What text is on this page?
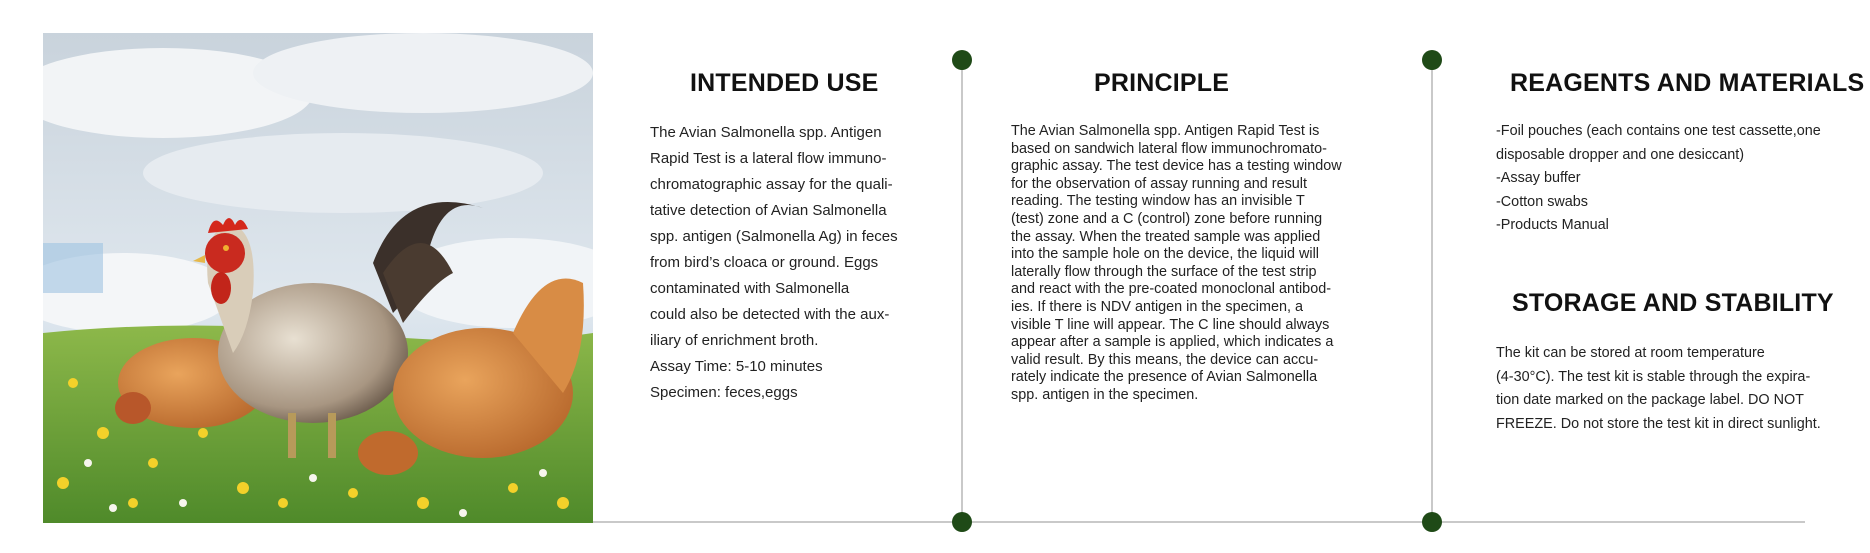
INTENDED USE
The Avian Salmonella spp. Antigen
Rapid Test is a lateral flow immuno-
chromatographic assay for the quali-
tative detection of Avian Salmonella
spp. antigen (Salmonella Ag) in feces
from bird’s cloaca or ground. Eggs
contaminated with Salmonella
could also be detected with the aux-
iliary of enrichment broth.
Assay Time: 5-10 minutes
Specimen: feces,eggs
PRINCIPLE
The Avian Salmonella spp. Antigen Rapid Test is
based on sandwich lateral flow immunochromato-
graphic assay. The test device has a testing window
for the observation of assay running and result
reading. The testing window has an invisible T
(test) zone and a C (control) zone before running
the assay. When the treated sample was applied
into the sample hole on the device, the liquid will
laterally flow through the surface of the test strip
and react with the pre-coated monoclonal antibod-
ies. If there is NDV antigen in the specimen, a
visible T line will appear. The C line should always
appear after a sample is applied, which indicates a
valid result. By this means, the device can accu-
rately indicate the presence of Avian Salmonella
spp. antigen in the specimen.
REAGENTS AND MATERIALS
-Foil pouches (each contains one test cassette,one
disposable dropper and one desiccant)
-Assay buffer
-Cotton swabs
-Products Manual
STORAGE AND STABILITY
The kit can be stored at room temperature
(4-30°C). The test kit is stable through the expira-
tion date marked on the package label. DO NOT
FREEZE. Do not store the test kit in direct sunlight.
